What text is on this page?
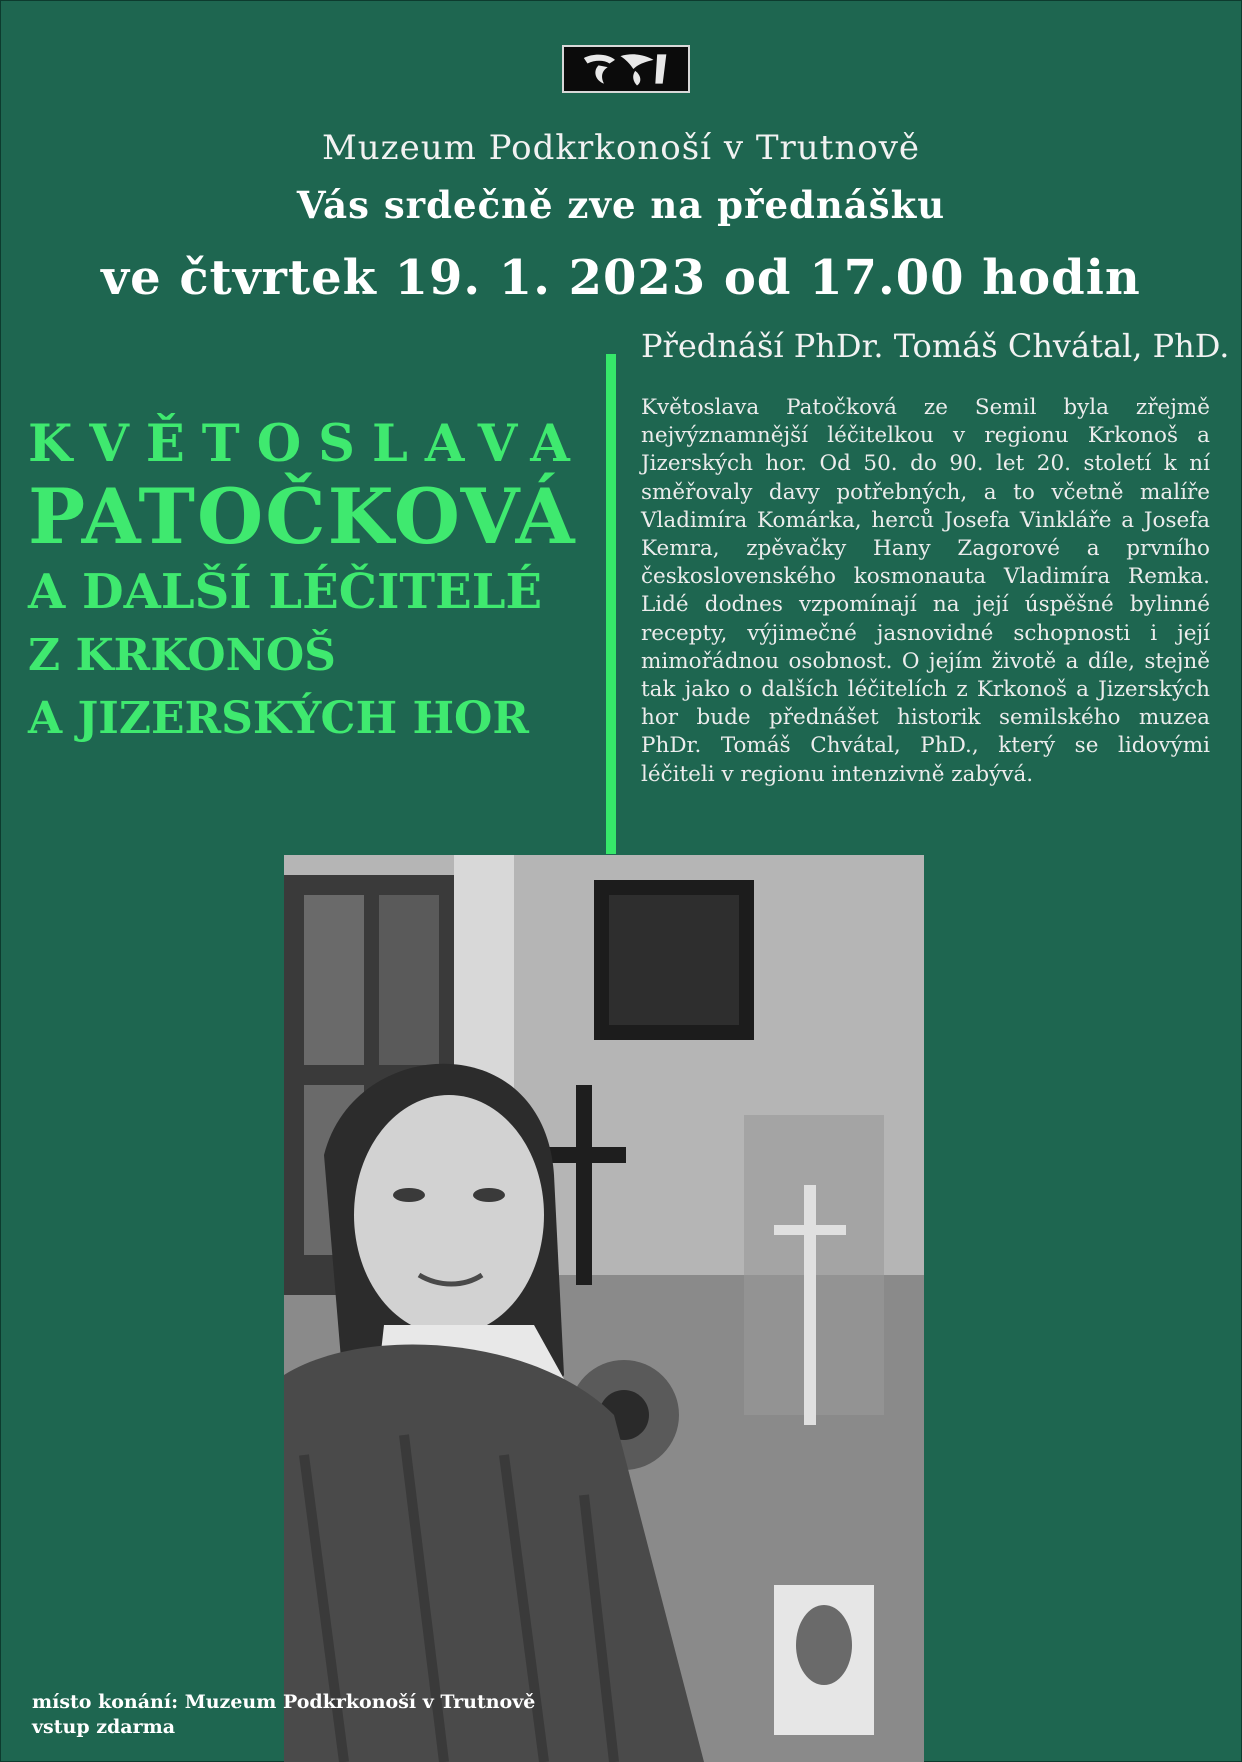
Muzeum Podkrkonoší v Trutnově
Vás srdečně zve na přednášku
ve čtvrtek 19. 1. 2023 od 17.00 hodin
Přednáší PhDr. Tomáš Chvátal, PhD.
KVĚTOSLAVA
PATOČKOVÁ
A DALŠÍ LÉČITELÉ
Z KRKONOŠ
A JIZERSKÝCH HOR
Květoslava Patočková ze Semil byla zřejmě nejvýznamnější léčitelkou v regionu Krkonoš a Jizerských hor. Od 50. do 90. let 20. století k ní směřovaly davy potřebných, a to včetně malíře Vladimíra Komárka, herců Josefa Vinkláře a Josefa Kemra, zpěvačky Hany Zagorové a prvního československého kosmonauta Vladimíra Remka. Lidé dodnes vzpomínají na její úspěšné bylinné recepty, výjimečné jasnovidné schopnosti i její mimořádnou osobnost. O jejím životě a díle, stejně tak jako o dalších léčitelích z Krkonoš a Jizerských hor bude přednášet historik semilského muzea PhDr. Tomáš Chvátal, PhD., který se lidovými léčiteli v regionu intenzivně zabývá.
místo konání: Muzeum Podkrkonoší v Trutnově
vstup zdarma
